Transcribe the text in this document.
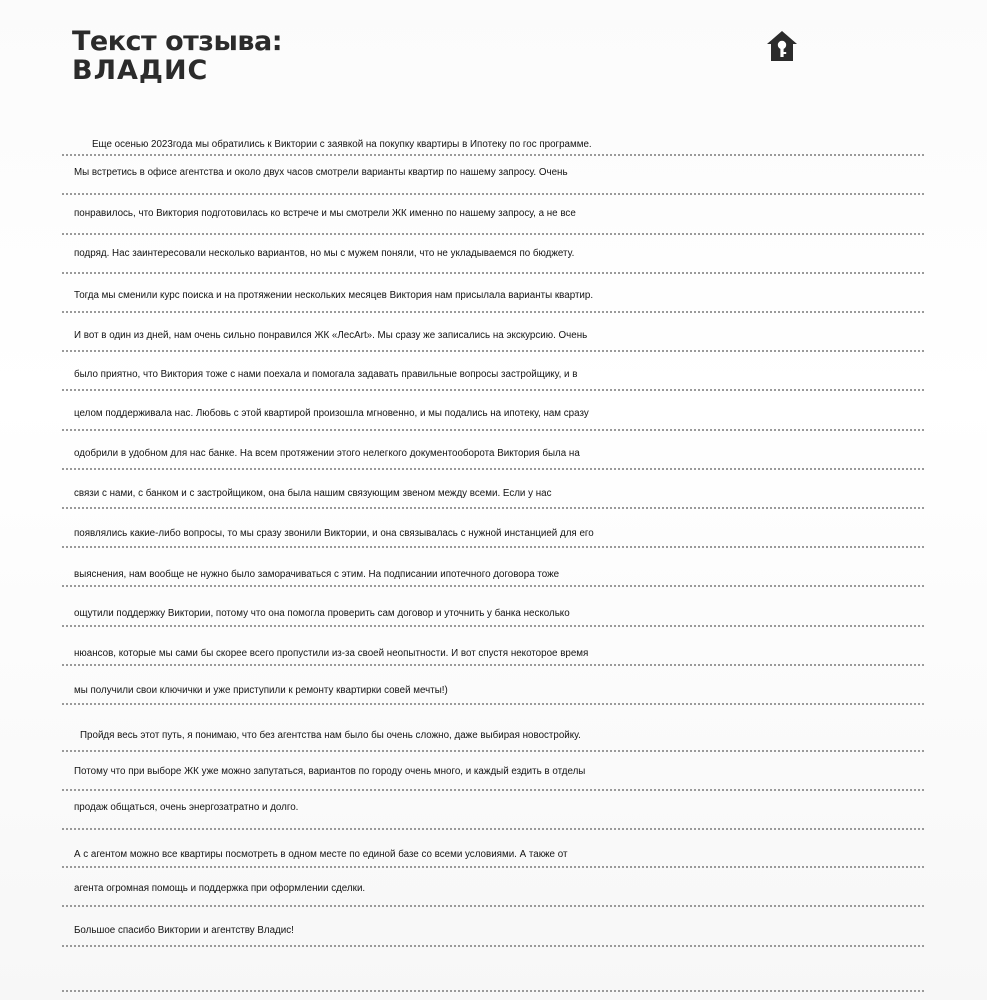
Текст отзыва:
ВЛАДИС
Еще осенью 2023года мы обратились к Виктории с заявкой на покупку квартиры в Ипотеку по гос программе.
Мы встретись в офисе агентства и около двух часов смотрели варианты квартир по нашему запросу. Очень
понравилось, что Виктория подготовилась ко встрече и мы смотрели ЖК именно по нашему запросу, а не все
подряд. Нас заинтересовали несколько вариантов, но мы с мужем поняли, что не укладываемся по бюджету.
Тогда мы сменили курс поиска и на протяжении нескольких месяцев Виктория нам присылала варианты квартир.
И вот в один из дней, нам очень сильно понравился ЖК «ЛесArt». Мы сразу же записались на экскурсию. Очень
было приятно, что Виктория тоже с нами поехала и помогала задавать правильные вопросы застройщику, и в
целом поддерживала нас. Любовь с этой квартирой произошла мгновенно, и мы подались на ипотеку, нам сразу
одобрили в удобном для нас банке. На всем протяжении этого нелегкого документооборота Виктория была на
связи с нами, с банком и с застройщиком, она была нашим связующим звеном между всеми. Если у нас
появлялись какие-либо вопросы, то мы сразу звонили Виктории, и она связывалась с нужной инстанцией для его
выяснения, нам вообще не нужно было заморачиваться с этим. На подписании ипотечного договора тоже
ощутили поддержку Виктории, потому что она помогла проверить сам договор и уточнить у банка несколько
нюансов, которые мы сами бы скорее всего пропустили из-за своей неопытности. И вот спустя некоторое время
мы получили свои ключички и уже приступили к ремонту квартирки совей мечты!)
Пройдя весь этот путь, я понимаю, что без агентства нам было бы очень сложно, даже выбирая новостройку.
Потому что при выборе ЖК уже можно запутаться, вариантов по городу очень много, и каждый ездить в отделы
продаж общаться, очень энергозатратно и долго.
А с агентом можно все квартиры посмотреть в одном месте по единой базе со всеми условиями. А также от
агента огромная помощь и поддержка при оформлении сделки.
Большое спасибо Виктории и агентству Владис!
